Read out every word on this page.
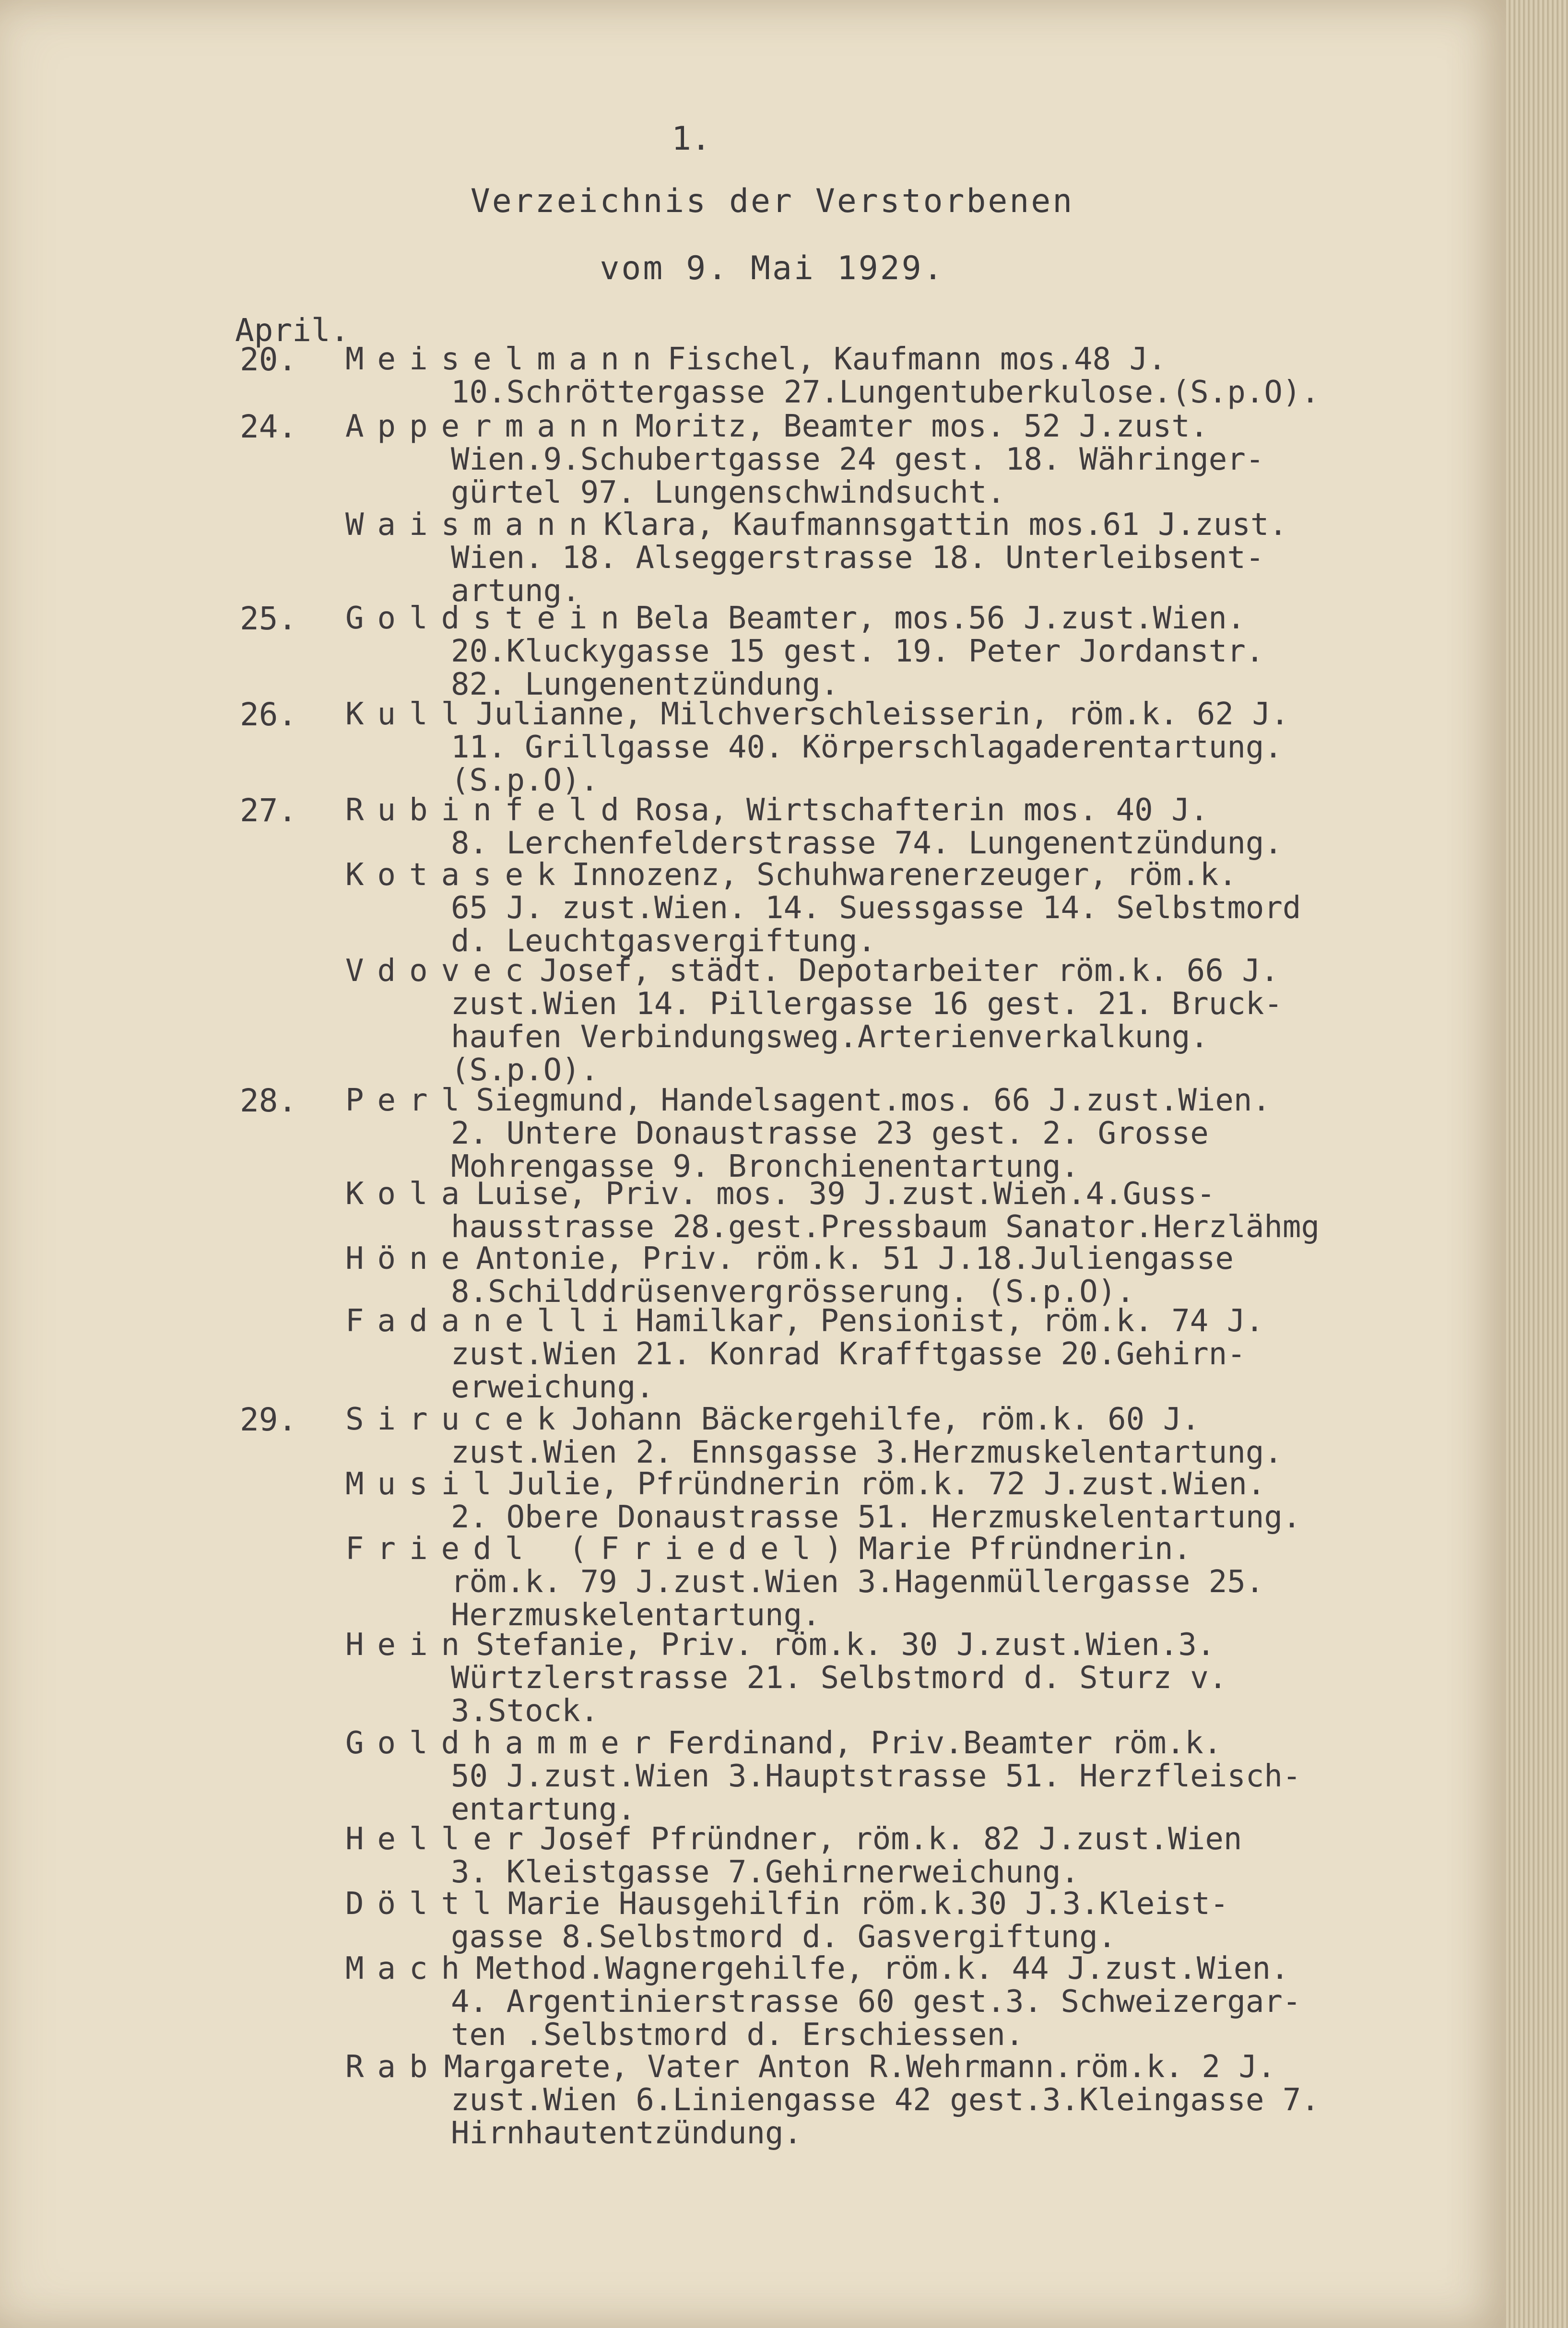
1.
Verzeichnis der Verstorbenen
vom 9. Mai 1929.
April.
20. MeiselmannFischel, Kaufmann mos.48 J.
10.Schröttergasse 27.Lungentuberkulose.(S.p.O).
24. AppermannMoritz, Beamter mos. 52 J.zust.
Wien.9.Schubertgasse 24 gest. 18. Währinger-
gürtel 97. Lungenschwindsucht.
WaismannKlara, Kaufmannsgattin mos.61 J.zust.
Wien. 18. Alseggerstrasse 18. Unterleibsent-
artung.
25. GoldsteinBela Beamter, mos.56 J.zust.Wien.
20.Kluckygasse 15 gest. 19. Peter Jordanstr.
82. Lungenentzündung.
26. KullJulianne, Milchverschleisserin, röm.k. 62 J.
11. Grillgasse 40. Körperschlagaderentartung.
(S.p.O).
27. RubinfeldRosa, Wirtschafterin mos. 40 J.
8. Lerchenfelderstrasse 74. Lungenentzündung.
KotasekInnozenz, Schuhwarenerzeuger, röm.k.
65 J. zust.Wien. 14. Suessgasse 14. Selbstmord
d. Leuchtgasvergiftung.
VdovecJosef, städt. Depotarbeiter röm.k. 66 J.
zust.Wien 14. Pillergasse 16 gest. 21. Bruck-
haufen Verbindungsweg.Arterienverkalkung.
(S.p.O).
28. PerlSiegmund, Handelsagent.mos. 66 J.zust.Wien.
2. Untere Donaustrasse 23 gest. 2. Grosse
Mohrengasse 9. Bronchienentartung.
KolaLuise, Priv. mos. 39 J.zust.Wien.4.Guss-
hausstrasse 28.gest.Pressbaum Sanator.Herzlähmg
HöneAntonie, Priv. röm.k. 51 J.18.Juliengasse
8.Schilddrüsenvergrösserung. (S.p.O).
FadanelliHamilkar, Pensionist, röm.k. 74 J.
zust.Wien 21. Konrad Krafftgasse 20.Gehirn-
erweichung.
29. SirucekJohann Bäckergehilfe, röm.k. 60 J.
zust.Wien 2. Ennsgasse 3.Herzmuskelentartung.
MusilJulie, Pfründnerin röm.k. 72 J.zust.Wien.
2. Obere Donaustrasse 51. Herzmuskelentartung.
Friedl (Friedel)Marie Pfründnerin.
röm.k. 79 J.zust.Wien 3.Hagenmüllergasse 25.
Herzmuskelentartung.
HeinStefanie, Priv. röm.k. 30 J.zust.Wien.3.
Würtzlerstrasse 21. Selbstmord d. Sturz v.
3.Stock.
GoldhammerFerdinand, Priv.Beamter röm.k.
50 J.zust.Wien 3.Hauptstrasse 51. Herzfleisch-
entartung.
HellerJosef Pfründner, röm.k. 82 J.zust.Wien
3. Kleistgasse 7.Gehirnerweichung.
DöltlMarie Hausgehilfin röm.k.30 J.3.Kleist-
gasse 8.Selbstmord d. Gasvergiftung.
MachMethod.Wagnergehilfe, röm.k. 44 J.zust.Wien.
4. Argentinierstrasse 60 gest.3. Schweizergar-
ten .Selbstmord d. Erschiessen.
RabMargarete, Vater Anton R.Wehrmann.röm.k. 2 J.
zust.Wien 6.Liniengasse 42 gest.3.Kleingasse 7.
Hirnhautentzündung.
